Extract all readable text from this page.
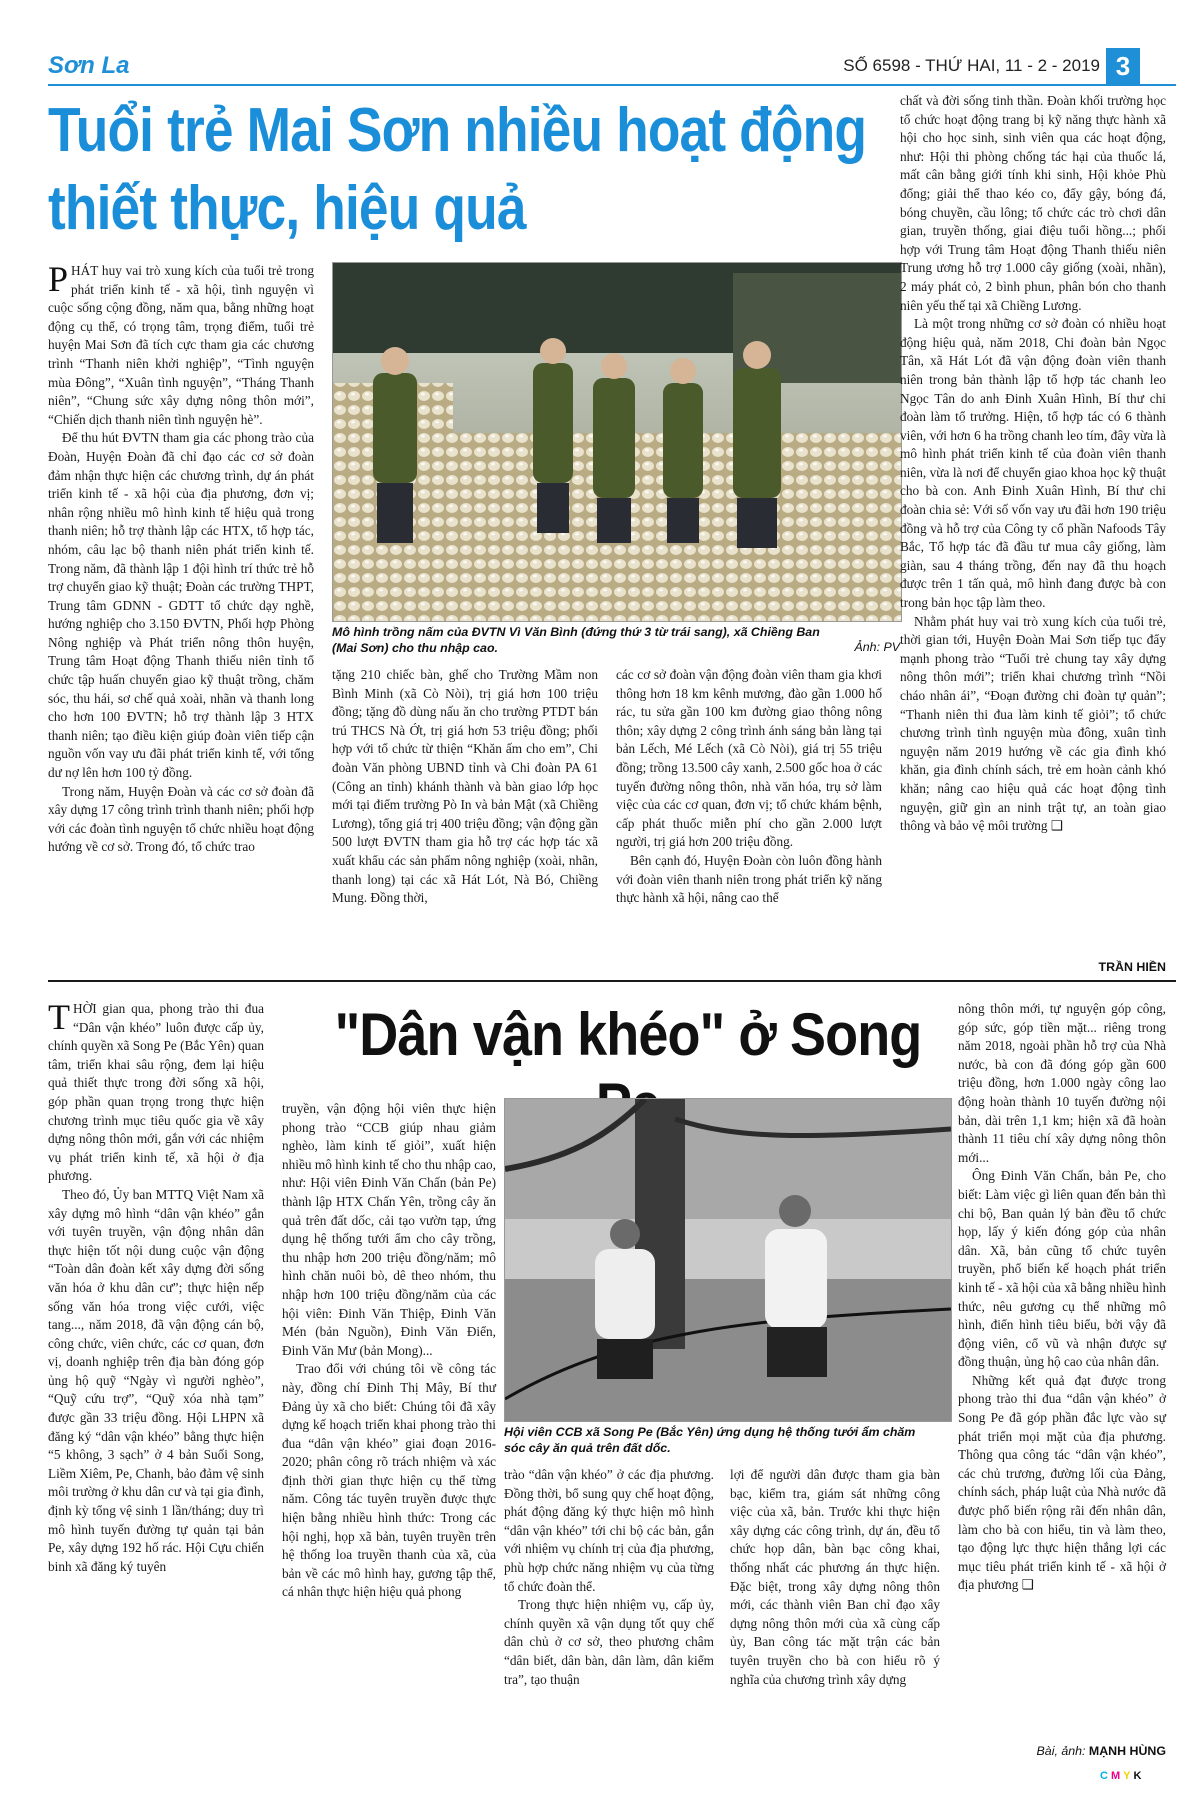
Sơn La	SỐ 6598 - THỨ HAI, 11 - 2 - 2019 3
Tuổi trẻ Mai Sơn nhiều hoạt động
thiết thực, hiệu quả

PHÁT huy vai trò xung kích của tuổi trẻ trong phát triển kinh tế - xã hội, tình nguyện vì cuộc sống cộng đồng, năm qua, bằng những hoạt động cụ thể, có trọng tâm, trọng điểm, tuổi trẻ huyện Mai Sơn đã tích cực tham gia các chương trình “Thanh niên khởi nghiệp”, “Tình nguyện mùa Đông”, “Xuân tình nguyện”, “Tháng Thanh niên”, “Chung sức xây dựng nông thôn mới”, “Chiến dịch thanh niên tình nguyện hè”.

Để thu hút ĐVTN tham gia các phong trào của Đoàn, Huyện Đoàn đã chỉ đạo các cơ sở đoàn đảm nhận thực hiện các chương trình, dự án phát triển kinh tế - xã hội của địa phương, đơn vị; nhân rộng nhiều mô hình kinh tế hiệu quả trong thanh niên; hỗ trợ thành lập các HTX, tổ hợp tác, nhóm, câu lạc bộ thanh niên phát triển kinh tế. Trong năm, đã thành lập 1 đội hình trí thức trẻ hỗ trợ chuyển giao kỹ thuật; Đoàn các trường THPT, Trung tâm GDNN - GDTT tổ chức dạy nghề, hướng nghiệp cho 3.150 ĐVTN, Phối hợp Phòng Nông nghiệp và Phát triển nông thôn huyện, Trung tâm Hoạt động Thanh thiếu niên tỉnh tổ chức tập huấn chuyển giao kỹ thuật trồng, chăm sóc, thu hái, sơ chế quả xoài, nhãn và thanh long cho hơn 100 ĐVTN; hỗ trợ thành lập 3 HTX thanh niên; tạo điều kiện giúp đoàn viên tiếp cận nguồn vốn vay ưu đãi phát triển kinh tế, với tổng dư nợ lên hơn 100 tỷ đồng.

Trong năm, Huyện Đoàn và các cơ sở đoàn đã xây dựng 17 công trình trình thanh niên; phối hợp với các đoàn tình nguyện tổ chức nhiều hoạt động hướng về cơ sở. Trong đó, tổ chức trao

Mô hình trồng nấm của ĐVTN Vì Văn Bình (đứng thứ 3 từ trái sang), xã Chiềng Ban (Mai Sơn) cho thu nhập cao.	Ảnh: PV

tặng 210 chiếc bàn, ghế cho Trường Mầm non Bình Minh (xã Cò Nòi), trị giá hơn 100 triệu đồng; tặng đồ dùng nấu ăn cho trường PTDT bán trú THCS Nà Ớt, trị giá hơn 53 triệu đồng; phối hợp với tổ chức từ thiện “Khăn ấm cho em”, Chi đoàn Văn phòng UBND tỉnh và Chi đoàn PA 61 (Công an tỉnh) khánh thành và bàn giao lớp học mới tại điểm trường Pò In và bản Mật (xã Chiềng Lương), tổng giá trị 400 triệu đồng; vận động gần 500 lượt ĐVTN tham gia hỗ trợ các hợp tác xã xuất khẩu các sản phẩm nông nghiệp (xoài, nhãn, thanh long) tại các xã Hát Lót, Nà Bó, Chiềng Mung. Đồng thời,

các cơ sở đoàn vận động đoàn viên tham gia khơi thông hơn 18 km kênh mương, đào gần 1.000 hố rác, tu sửa gần 100 km đường giao thông nông thôn; xây dựng 2 công trình ánh sáng bản làng tại bản Lếch, Mé Lếch (xã Cò Nòi), giá trị 55 triệu đồng; trồng 13.500 cây xanh, 2.500 gốc hoa ở các tuyến đường nông thôn, nhà văn hóa, trụ sở làm việc của các cơ quan, đơn vị; tổ chức khám bệnh, cấp phát thuốc miễn phí cho gần 2.000 lượt người, trị giá hơn 200 triệu đồng.

Bên cạnh đó, Huyện Đoàn còn luôn đồng hành với đoàn viên thanh niên trong phát triển kỹ năng thực hành xã hội, nâng cao thể

chất và đời sống tinh thần. Đoàn khối trường học tổ chức hoạt động trang bị kỹ năng thực hành xã hội cho học sinh, sinh viên qua các hoạt động, như: Hội thi phòng chống tác hại của thuốc lá, mất cân bằng giới tính khi sinh, Hội khỏe Phù đổng; giải thể thao kéo co, đẩy gậy, bóng đá, bóng chuyền, cầu lông; tổ chức các trò chơi dân gian, truyền thống, giai điệu tuổi hồng...; phối hợp với Trung tâm Hoạt động Thanh thiếu niên Trung ương hỗ trợ 1.000 cây giống (xoài, nhãn), 2 máy phát cỏ, 2 bình phun, phân bón cho thanh niên yếu thế tại xã Chiềng Lương.

Là một trong những cơ sở đoàn có nhiều hoạt động hiệu quả, năm 2018, Chi đoàn bản Ngọc Tân, xã Hát Lót đã vận động đoàn viên thanh niên trong bản thành lập tổ hợp tác chanh leo Ngọc Tân do anh Đinh Xuân Hình, Bí thư chi đoàn làm tổ trưởng. Hiện, tổ hợp tác có 6 thành viên, với hơn 6 ha trồng chanh leo tím, đây vừa là mô hình phát triển kinh tế của đoàn viên thanh niên, vừa là nơi để chuyển giao khoa học kỹ thuật cho bà con. Anh Đinh Xuân Hình, Bí thư chi đoàn chia sẻ: Với số vốn vay ưu đãi hơn 190 triệu đồng và hỗ trợ của Công ty cổ phần Nafoods Tây Bắc, Tổ hợp tác đã đầu tư mua cây giống, làm giàn, sau 4 tháng trồng, đến nay đã thu hoạch được trên 1 tấn quả, mô hình đang được bà con trong bản học tập làm theo.

Nhằm phát huy vai trò xung kích của tuổi trẻ, thời gian tới, Huyện Đoàn Mai Sơn tiếp tục đẩy mạnh phong trào “Tuổi trẻ chung tay xây dựng nông thôn mới”; triển khai chương trình “Nồi cháo nhân ái”, “Đoạn đường chi đoàn tự quản”; “Thanh niên thi đua làm kinh tế giỏi”; tổ chức chương trình tình nguyện mùa đông, xuân tình nguyện năm 2019 hướng về các gia đình khó khăn, gia đình chính sách, trẻ em hoàn cảnh khó khăn; nâng cao hiệu quả các hoạt động tình nguyện, giữ gìn an ninh trật tự, an toàn giao thông và bảo vệ môi trường ❑

TRẦN HIỀN
"Dân vận khéo" ở Song

THỜI gian qua, phong trào thi đua “Dân vận khéo” luôn được cấp ủy, chính quyền xã Song Pe (Bắc Yên) quan tâm, triển khai sâu rộng, đem lại hiệu quả thiết thực trong đời sống xã hội, góp phần quan trọng trong thực hiện chương trình mục tiêu quốc gia về xây dựng nông thôn mới, gắn với các nhiệm vụ phát triển kinh tế, xã hội ở địa phương.

Theo đó, Ủy ban MTTQ Việt Nam xã xây dựng mô hình “dân vận khéo” gắn với tuyên truyền, vận động nhân dân thực hiện tốt nội dung cuộc vận động “Toàn dân đoàn kết xây dựng đời sống văn hóa ở khu dân cư”; thực hiện nếp sống văn hóa trong việc cưới, việc tang..., năm 2018, đã vận động cán bộ, công chức, viên chức, các cơ quan, đơn vị, doanh nghiệp trên địa bàn đóng góp ủng hộ quỹ “Ngày vì người nghèo”, “Quỹ cứu trợ”, “Quỹ xóa nhà tạm” được gần 33 triệu đồng. Hội LHPN xã đăng ký “dân vận khéo” bằng thực hiện “5 không, 3 sạch” ở 4 bản Suối Song, Liềm Xiêm, Pe, Chanh, bảo đảm vệ sinh môi trường ở khu dân cư và tại gia đình, định kỳ tổng vệ sinh 1 lần/tháng; duy trì mô hình tuyến đường tự quản tại bản Pe, xây dựng 192 hố rác. Hội Cựu chiến binh xã đăng ký tuyên

truyền, vận động hội viên thực hiện phong trào “CCB giúp nhau giảm nghèo, làm kinh tế giỏi”, xuất hiện nhiều mô hình kinh tế cho thu nhập cao, như: Hội viên Đinh Văn Chấn (bản Pe) thành lập HTX Chấn Yên, trồng cây ăn quả trên đất dốc, cải tạo vườn tạp, ứng dụng hệ thống tưới ẩm cho cây trồng, thu nhập hơn 200 triệu đồng/năm; mô hình chăn nuôi bò, dê theo nhóm, thu nhập hơn 100 triệu đồng/năm của các hội viên: Đinh Văn Thiệp, Đinh Văn Mén (bản Nguồn), Đinh Văn Điển, Đinh Văn Mư (bản Mong)...

Trao đổi với chúng tôi về công tác này, đồng chí Đinh Thị Mây, Bí thư Đảng ủy xã cho biết: Chúng tôi đã xây dựng kế hoạch triển khai phong trào thi đua “dân vận khéo” giai đoạn 2016-2020; phân công rõ trách nhiệm và xác định thời gian thực hiện cụ thể từng năm. Công tác tuyên truyền được thực hiện bằng nhiều hình thức: Trong các hội nghị, họp xã bản, tuyên truyền trên hệ thống loa truyền thanh của xã, của bản về các mô hình hay, gương tập thể, cá nhân thực hiện hiệu quả phong

Hội viên CCB xã Song Pe (Bắc Yên) ứng dụng hệ thống tưới ẩm chăm sóc cây ăn quả trên đất dốc.

trào “dân vận khéo” ở các địa phương. Đồng thời, bổ sung quy chế hoạt động, phát động đăng ký thực hiện mô hình “dân vận khéo” tới chi bộ các bản, gắn với nhiệm vụ chính trị của địa phương, phù hợp chức năng nhiệm vụ của từng tổ chức đoàn thể.

Trong thực hiện nhiệm vụ, cấp ủy, chính quyền xã vận dụng tốt quy chế dân chủ ở cơ sở, theo phương châm “dân biết, dân bàn, dân làm, dân kiểm tra”, tạo thuận

lợi để người dân được tham gia bàn bạc, kiểm tra, giám sát những công việc của xã, bản. Trước khi thực hiện xây dựng các công trình, dự án, đều tổ chức họp dân, bàn bạc công khai, thống nhất các phương án thực hiện. Đặc biệt, trong xây dựng nông thôn mới, các thành viên Ban chỉ đạo xây dựng nông thôn mới của xã cùng cấp ủy, Ban công tác mặt trận các bản tuyên truyền cho bà con hiểu rõ ý nghĩa của chương trình xây dựng

nông thôn mới, tự nguyện góp công, góp sức, góp tiền mặt... riêng trong năm 2018, ngoài phần hỗ trợ của Nhà nước, bà con đã đóng góp gần 600 triệu đồng, hơn 1.000 ngày công lao động hoàn thành 10 tuyến đường nội bản, dài trên 1,1 km; hiện xã đã hoàn thành 11 tiêu chí xây dựng nông thôn mới...

Ông Đinh Văn Chấn, bản Pe, cho biết: Làm việc gì liên quan đến bản thì chi bộ, Ban quản lý bản đều tổ chức họp, lấy ý kiến đóng góp của nhân dân. Xã, bản cũng tổ chức tuyên truyền, phổ biến kế hoạch phát triển kinh tế - xã hội của xã bằng nhiều hình thức, nêu gương cụ thể những mô hình, điển hình tiêu biểu, bởi vậy đã động viên, cổ vũ và nhận được sự đồng thuận, ủng hộ cao của nhân dân.

Những kết quả đạt được trong phong trào thi đua “dân vận khéo” ở Song Pe đã góp phần đắc lực vào sự phát triển mọi mặt của địa phương. Thông qua công tác “dân vận khéo”, các chủ trương, đường lối của Đảng, chính sách, pháp luật của Nhà nước đã được phổ biến rộng rãi đến nhân dân, làm cho bà con hiểu, tin và làm theo, tạo động lực thực hiện thắng lợi các mục tiêu phát triển kinh tế - xã hội ở địa phương ❑

Bài, ảnh: MẠNH HÙNG
CMYK
